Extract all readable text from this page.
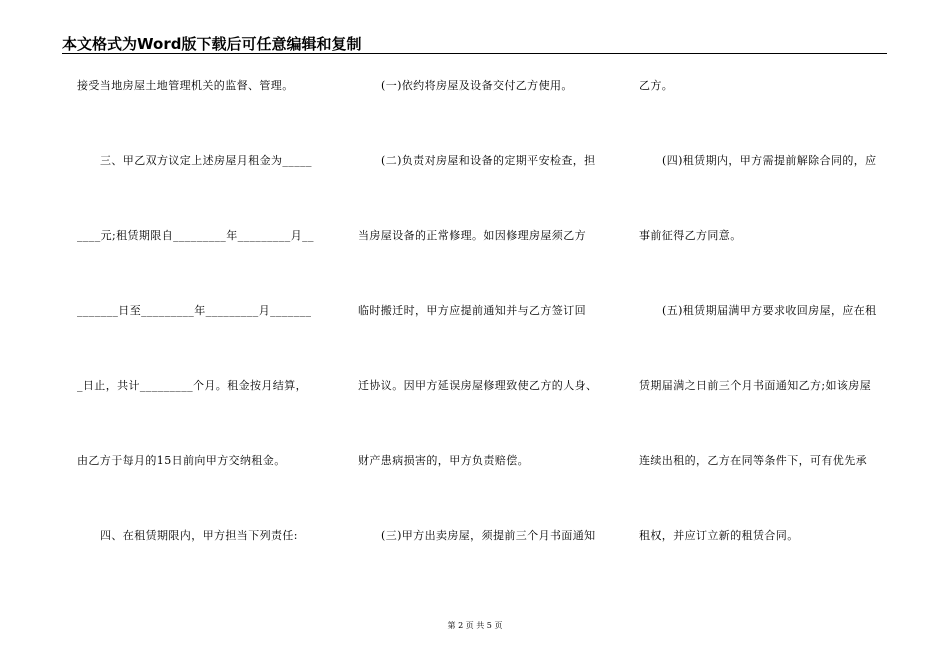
本文格式为Word版下载后可任意编辑和复制
接受当地房屋土地管理机关的监督、管理。
三、甲乙双方议定上述房屋月租金为_____
____元;租赁期限自_________年_________月__
_______日至_________年_________月_______
_日止，共计_________个月。租金按月结算，
由乙方于每月的15日前向甲方交纳租金。
四、在租赁期限内，甲方担当下列责任:
(一)依约将房屋及设备交付乙方使用。
(二)负责对房屋和设备的定期平安检查，担
当房屋设备的正常修理。如因修理房屋须乙方
临时搬迁时，甲方应提前通知并与乙方签订回
迁协议。因甲方延误房屋修理致使乙方的人身、
财产患病损害的，甲方负责赔偿。
(三)甲方出卖房屋，须提前三个月书面通知
乙方。
(四)租赁期内，甲方需提前解除合同的，应
事前征得乙方同意。
(五)租赁期届满甲方要求收回房屋，应在租
赁期届满之日前三个月书面通知乙方;如该房屋
连续出租的，乙方在同等条件下，可有优先承
租权，并应订立新的租赁合同。
第 2 页 共 5 页
